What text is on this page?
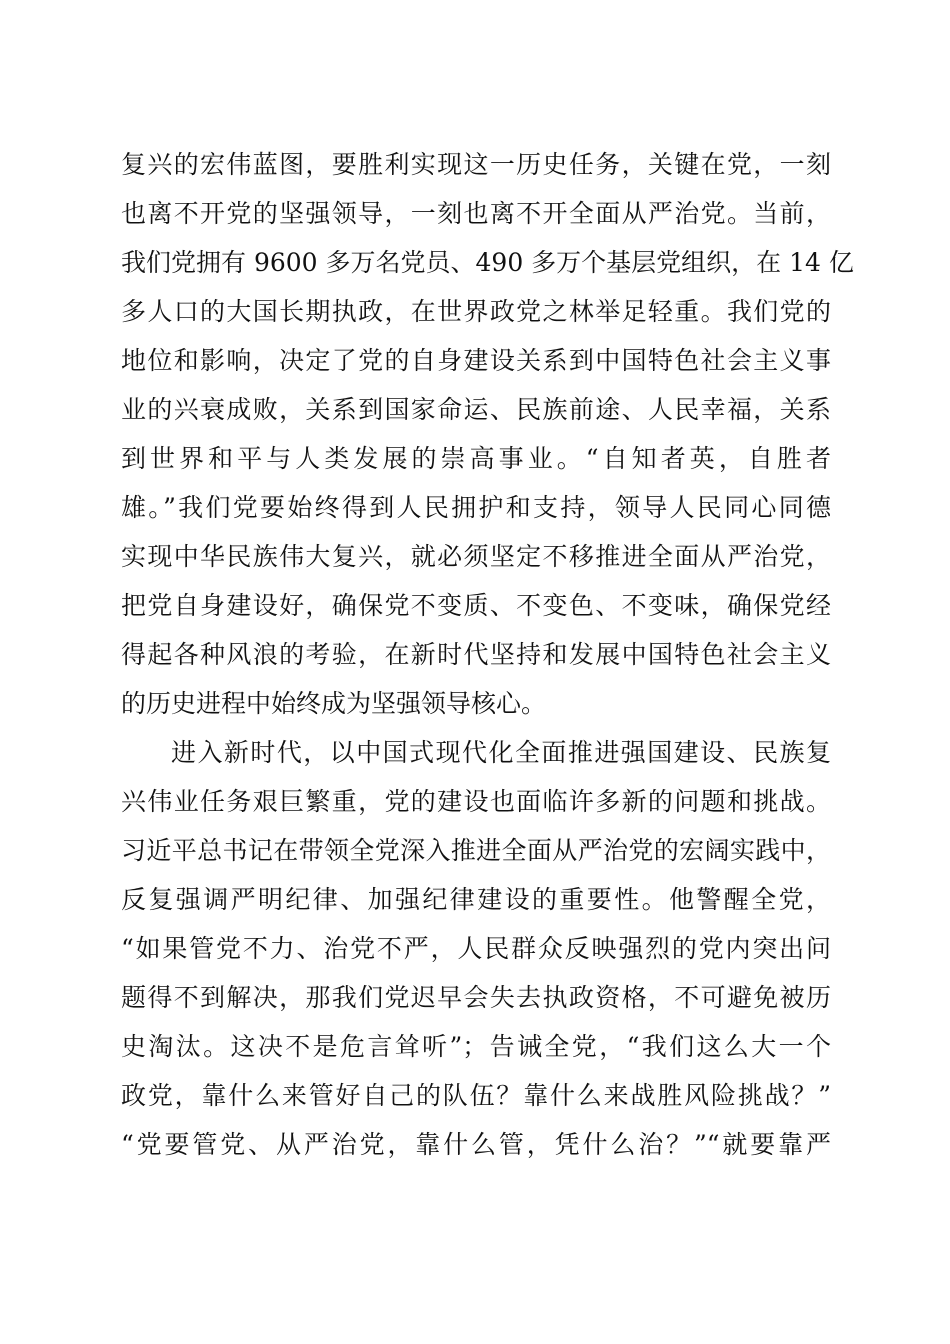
复兴的宏伟蓝图，要胜利实现这一历史任务，关键在党，一刻
也离不开党的坚强领导，一刻也离不开全面从严治党。当前，
我们党拥有 9600 多万名党员、490 多万个基层党组织，在 14 亿
多人口的大国长期执政，在世界政党之林举足轻重。我们党的
地位和影响，决定了党的自身建设关系到中国特色社会主义事
业的兴衰成败，关系到国家命运、民族前途、人民幸福，关系
到世界和平与人类发展的崇高事业。“自知者英，自胜者
雄。”我们党要始终得到人民拥护和支持，领导人民同心同德
实现中华民族伟大复兴，就必须坚定不移推进全面从严治党，
把党自身建设好，确保党不变质、不变色、不变味，确保党经
得起各种风浪的考验，在新时代坚持和发展中国特色社会主义
的历史进程中始终成为坚强领导核心。
进入新时代，以中国式现代化全面推进强国建设、民族复
兴伟业任务艰巨繁重，党的建设也面临许多新的问题和挑战。
习近平总书记在带领全党深入推进全面从严治党的宏阔实践中，
反复强调严明纪律、加强纪律建设的重要性。他警醒全党，
“如果管党不力、治党不严，人民群众反映强烈的党内突出问
题得不到解决，那我们党迟早会失去执政资格，不可避免被历
史淘汰。这决不是危言耸听”；告诫全党，“我们这么大一个
政党，靠什么来管好自己的队伍？靠什么来战胜风险挑战？”
“党要管党、从严治党，靠什么管，凭什么治？”“就要靠严
